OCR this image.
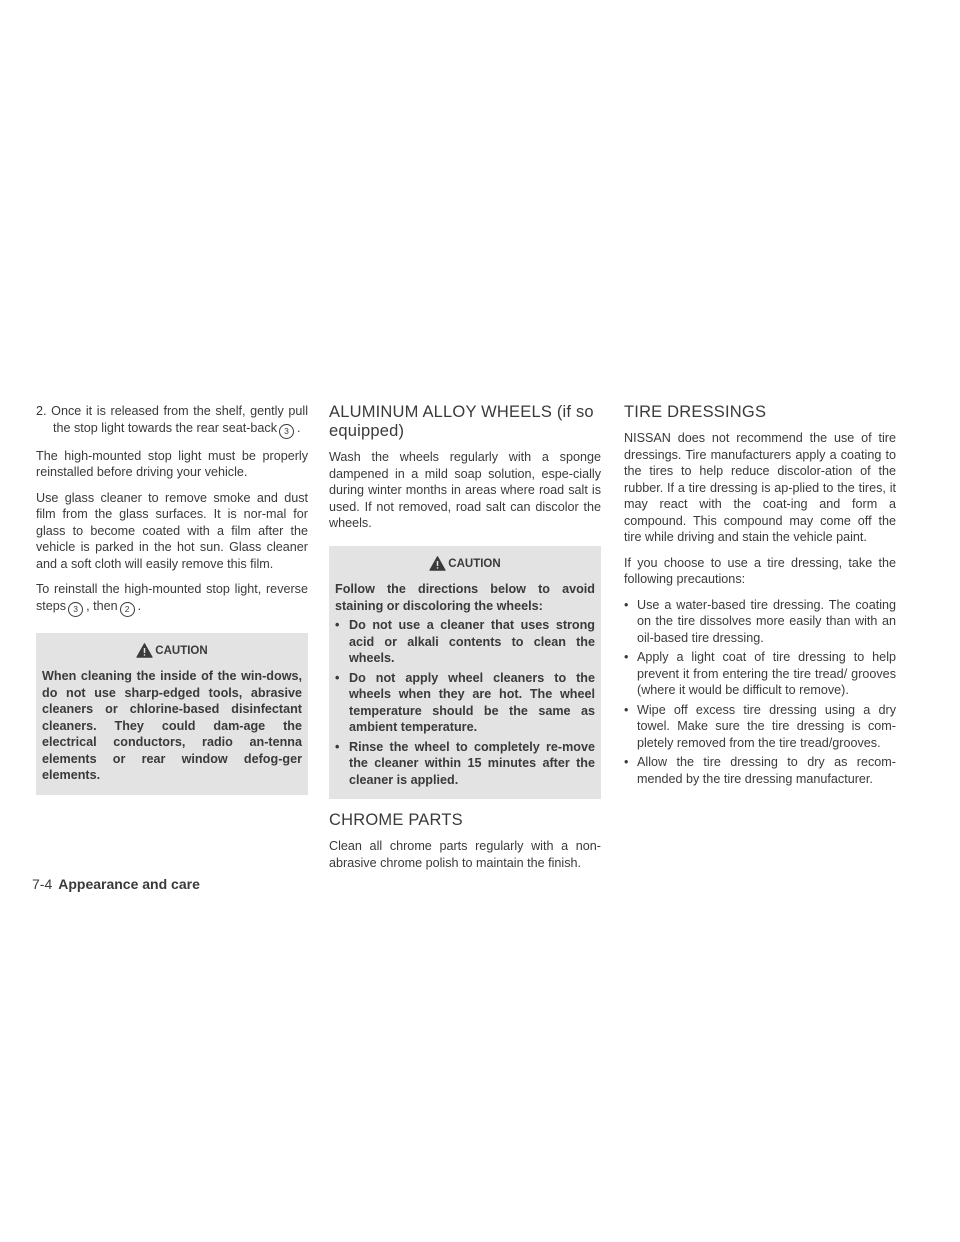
2. Once it is released from the shelf, gently pull the stop light towards the rear seat-back 3 .

The high-mounted stop light must be properly reinstalled before driving your vehicle.

Use glass cleaner to remove smoke and dust film from the glass surfaces. It is nor-mal for glass to become coated with a film after the vehicle is parked in the hot sun. Glass cleaner and a soft cloth will easily remove this film.

To reinstall the high-mounted stop light, reverse steps 3 , then 2 .

CAUTION
When cleaning the inside of the win-dows, do not use sharp-edged tools, abrasive cleaners or chlorine-based disinfectant cleaners. They could dam-age the electrical conductors, radio an-tenna elements or rear window defog-ger elements.
ALUMINUM ALLOY WHEELS (if so equipped)

Wash the wheels regularly with a sponge dampened in a mild soap solution, espe-cially during winter months in areas where road salt is used. If not removed, road salt can discolor the wheels.

CAUTION
Follow the directions below to avoid staining or discoloring the wheels:
• Do not use a cleaner that uses strong acid or alkali contents to clean the wheels.
• Do not apply wheel cleaners to the wheels when they are hot. The wheel temperature should be the same as ambient temperature.
• Rinse the wheel to completely re-move the cleaner within 15 minutes after the cleaner is applied.
CHROME PARTS

Clean all chrome parts regularly with a non-abrasive chrome polish to maintain the finish.

TIRE DRESSINGS

NISSAN does not recommend the use of tire dressings. Tire manufacturers apply a coating to the tires to help reduce discolor-ation of the rubber. If a tire dressing is ap-plied to the tires, it may react with the coat-ing and form a compound. This compound may come off the tire while driving and stain the vehicle paint.

If you choose to use a tire dressing, take the following precautions:

• Use a water-based tire dressing. The coating on the tire dissolves more easily than with an oil-based tire dressing.
• Apply a light coat of tire dressing to help prevent it from entering the tire tread/ grooves (where it would be difficult to remove).
• Wipe off excess tire dressing using a dry towel. Make sure the tire dressing is com-pletely removed from the tire tread/grooves.
• Allow the tire dressing to dry as recom-mended by the tire dressing manufacturer.
7-4 Appearance and care
